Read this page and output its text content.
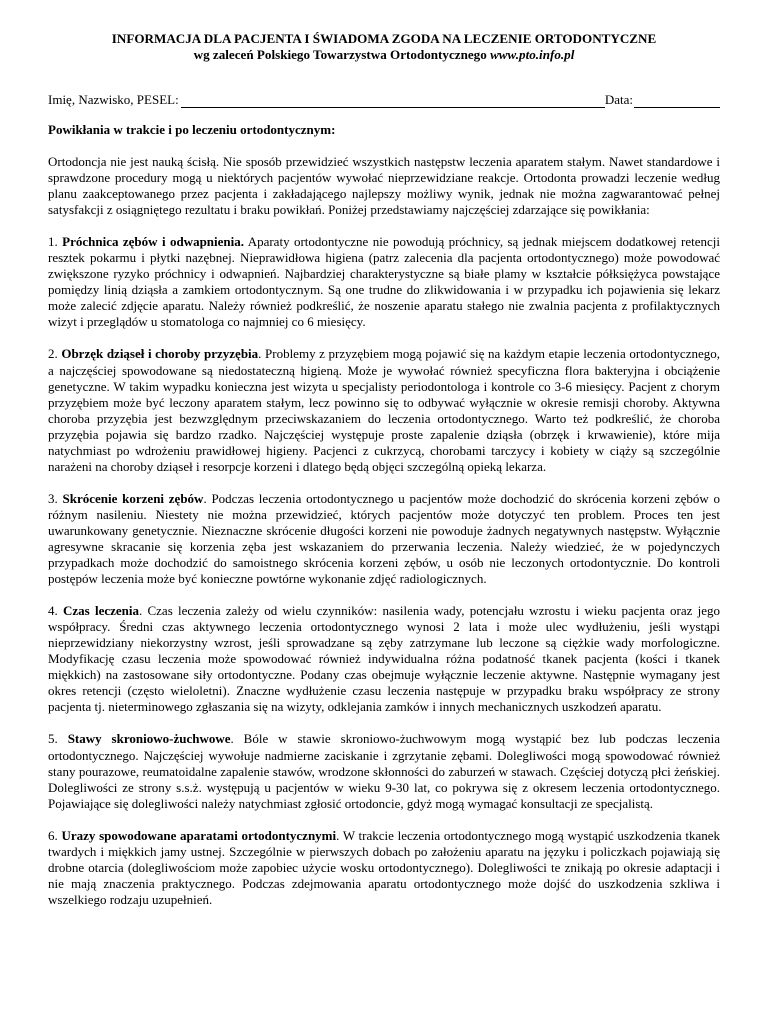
INFORMACJA DLA PACJENTA I ŚWIADOMA ZGODA NA LECZENIE ORTODONTYCZNE
wg zaleceń Polskiego Towarzystwa Ortodontycznego www.pto.info.pl
Imię, Nazwisko, PESEL:	Data:
Powikłania w trakcie i po leczeniu ortodontycznym:

Ortodoncja nie jest nauką ścisłą. Nie sposób przewidzieć wszystkich następstw leczenia aparatem stałym. Nawet standardowe i sprawdzone procedury mogą u niektórych pacjentów wywołać nieprzewidziane reakcje. Ortodonta prowadzi leczenie według planu zaakceptowanego przez pacjenta i zakładającego najlepszy możliwy wynik, jednak nie można zagwarantować pełnej satysfakcji z osiągniętego rezultatu i braku powikłań. Poniżej przedstawiamy najczęściej zdarzające się powikłania:

1. Próchnica zębów i odwapnienia. Aparaty ortodontyczne nie powodują próchnicy, są jednak miejscem dodatkowej retencji resztek pokarmu i płytki nazębnej. Nieprawidłowa higiena (patrz zalecenia dla pacjenta ortodontycznego) może powodować zwiększone ryzyko próchnicy i odwapnień. Najbardziej charakterystyczne są białe plamy w kształcie półksiężyca powstające pomiędzy linią dziąsła a zamkiem ortodontycznym. Są one trudne do zlikwidowania i w przypadku ich pojawienia się lekarz może zalecić zdjęcie aparatu. Należy również podkreślić, że noszenie aparatu stałego nie zwalnia pacjenta z profilaktycznych wizyt i przeglądów u stomatologa co najmniej co 6 miesięcy.

2. Obrzęk dziąseł i choroby przyzębia. Problemy z przyzębiem mogą pojawić się na każdym etapie leczenia ortodontycznego, a najczęściej spowodowane są niedostateczną higieną. Może je wywołać również specyficzna flora bakteryjna i obciążenie genetyczne. W takim wypadku konieczna jest wizyta u specjalisty periodontologa i kontrole co 3-6 miesięcy. Pacjent z chorym przyzębiem może być leczony aparatem stałym, lecz powinno się to odbywać wyłącznie w okresie remisji choroby. Aktywna choroba przyzębia jest bezwzględnym przeciwskazaniem do leczenia ortodontycznego. Warto też podkreślić, że choroba przyzębia pojawia się bardzo rzadko. Najczęściej występuje proste zapalenie dziąsła (obrzęk i krwawienie), które mija natychmiast po wdrożeniu prawidłowej higieny. Pacjenci z cukrzycą, chorobami tarczycy i kobiety w ciąży są szczególnie narażeni na choroby dziąseł i resorpcje korzeni i dlatego będą objęci szczególną opieką lekarza.

3. Skrócenie korzeni zębów. Podczas leczenia ortodontycznego u pacjentów może dochodzić do skrócenia korzeni zębów o różnym nasileniu. Niestety nie można przewidzieć, których pacjentów może dotyczyć ten problem. Proces ten jest uwarunkowany genetycznie. Nieznaczne skrócenie długości korzeni nie powoduje żadnych negatywnych następstw. Wyłącznie agresywne skracanie się korzenia zęba jest wskazaniem do przerwania leczenia. Należy wiedzieć, że w pojedynczych przypadkach może dochodzić do samoistnego skrócenia korzeni zębów, u osób nie leczonych ortodontycznie. Do kontroli postępów leczenia może być konieczne powtórne wykonanie zdjęć radiologicznych.

4. Czas leczenia. Czas leczenia zależy od wielu czynników: nasilenia wady, potencjału wzrostu i wieku pacjenta oraz jego współpracy. Średni czas aktywnego leczenia ortodontycznego wynosi 2 lata i może ulec wydłużeniu, jeśli wystąpi nieprzewidziany niekorzystny wzrost, jeśli sprowadzane są zęby zatrzymane lub leczone są ciężkie wady morfologiczne. Modyfikację czasu leczenia może spowodować również indywidualna różna podatność tkanek pacjenta (kości i tkanek miękkich) na zastosowane siły ortodontyczne. Podany czas obejmuje wyłącznie leczenie aktywne. Następnie wymagany jest okres retencji (często wieloletni). Znaczne wydłużenie czasu leczenia następuje w przypadku braku współpracy ze strony pacjenta tj. nieterminowego zgłaszania się na wizyty, odklejania zamków i innych mechanicznych uszkodzeń aparatu.

5. Stawy skroniowo-żuchwowe. Bóle w stawie skroniowo-żuchwowym mogą wystąpić bez lub podczas leczenia ortodontycznego. Najczęściej wywołuje nadmierne zaciskanie i zgrzytanie zębami. Dolegliwości mogą spowodować również stany pourazowe, reumatoidalne zapalenie stawów, wrodzone skłonności do zaburzeń w stawach. Częściej dotyczą płci żeńskiej. Dolegliwości ze strony s.s.ż. występują u pacjentów w wieku 9-30 lat, co pokrywa się z okresem leczenia ortodontycznego. Pojawiające się dolegliwości należy natychmiast zgłosić ortodoncie, gdyż mogą wymagać konsultacji ze specjalistą.

6. Urazy spowodowane aparatami ortodontycznymi. W trakcie leczenia ortodontycznego mogą wystąpić uszkodzenia tkanek twardych i miękkich jamy ustnej. Szczególnie w pierwszych dobach po założeniu aparatu na języku i policzkach pojawiają się drobne otarcia (dolegliwościom może zapobiec użycie wosku ortodontycznego). Dolegliwości te znikają po okresie adaptacji i nie mają znaczenia praktycznego. Podczas zdejmowania aparatu ortodontycznego może dojść do uszkodzenia szkliwa i wszelkiego rodzaju uzupełnień.
